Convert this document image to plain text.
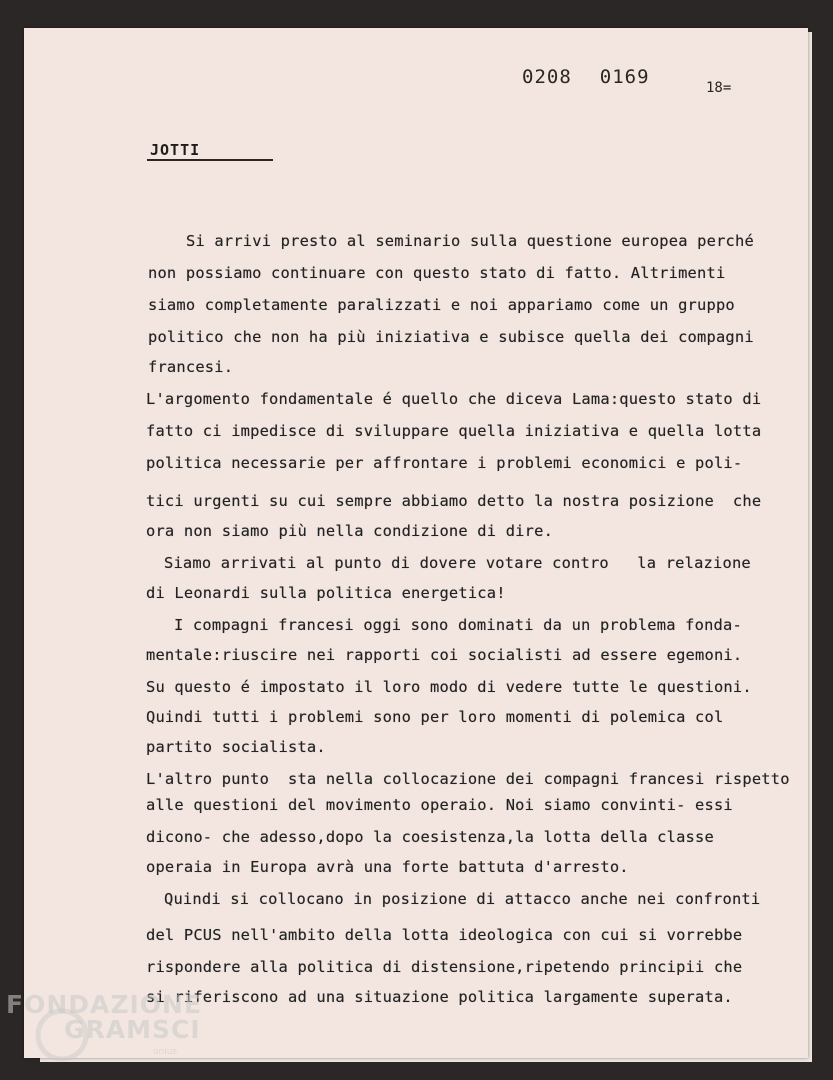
0208 0169	18=
JOTTI
Si arrivi presto al seminario sulla questione europea perché
non possiamo continuare con questo stato di fatto. Altrimenti
siamo completamente paralizzati e noi appariamo come un gruppo
politico che non ha più iniziativa e subisce quella dei compagni
francesi.
L'argomento fondamentale é quello che diceva Lama:questo stato di
fatto ci impedisce di sviluppare quella iniziativa e quella lotta
politica necessarie per affrontare i problemi economici e poli-
tici urgenti su cui sempre abbiamo detto la nostra posizione  che
ora non siamo più nella condizione di dire.
Siamo arrivati al punto di dovere votare contro   la relazione
di Leonardi sulla politica energetica!
I compagni francesi oggi sono dominati da un problema fonda-
mentale:riuscire nei rapporti coi socialisti ad essere egemoni.
Su questo é impostato il loro modo di vedere tutte le questioni.
Quindi tutti i problemi sono per loro momenti di polemica col
partito socialista.
L'altro punto  sta nella collocazione dei compagni francesi rispetto
alle questioni del movimento operaio. Noi siamo convinti- essi
dicono- che adesso,dopo la coesistenza,la lotta della classe
operaia in Europa avrà una forte battuta d'arresto.
Quindi si collocano in posizione di attacco anche nei confronti
del PCUS nell'ambito della lotta ideologica con cui si vorrebbe
rispondere alla politica di distensione,ripetendo principii che
si riferiscono ad una situazione politica largamente superata.
FONDAZIONE
GRAMSCI
onlus
